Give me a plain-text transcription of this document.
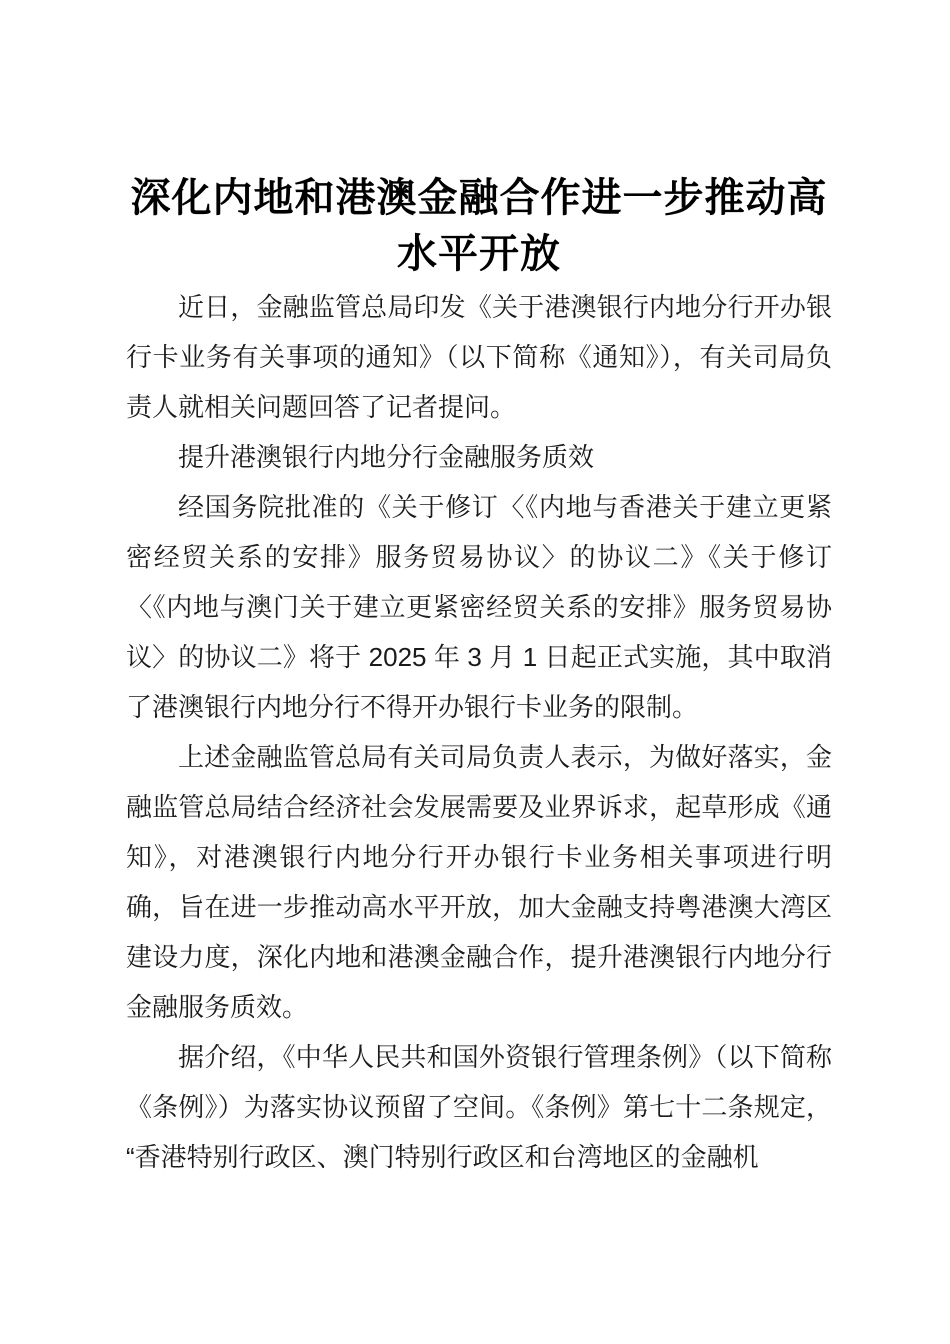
深化内地和港澳金融合作进一步推动高水平开放

近日，金融监管总局印发《关于港澳银行内地分行开办银行卡业务有关事项的通知》（以下简称《通知》），有关司局负责人就相关问题回答了记者提问。

提升港澳银行内地分行金融服务质效

经国务院批准的《关于修订〈《内地与香港关于建立更紧密经贸关系的安排》服务贸易协议〉的协议二》《关于修订〈《内地与澳门关于建立更紧密经贸关系的安排》服务贸易协议〉的协议二》将于 2025 年 3 月 1 日起正式实施，其中取消了港澳银行内地分行不得开办银行卡业务的限制。

上述金融监管总局有关司局负责人表示，为做好落实，金融监管总局结合经济社会发展需要及业界诉求，起草形成《通知》，对港澳银行内地分行开办银行卡业务相关事项进行明确，旨在进一步推动高水平开放，加大金融支持粤港澳大湾区建设力度，深化内地和港澳金融合作，提升港澳银行内地分行金融服务质效。

据介绍，《中华人民共和国外资银行管理条例》（以下简称《条例》）为落实协议预留了空间。《条例》第七十二条规定，“香港特别行政区、澳门特别行政区和台湾地区的金融机
